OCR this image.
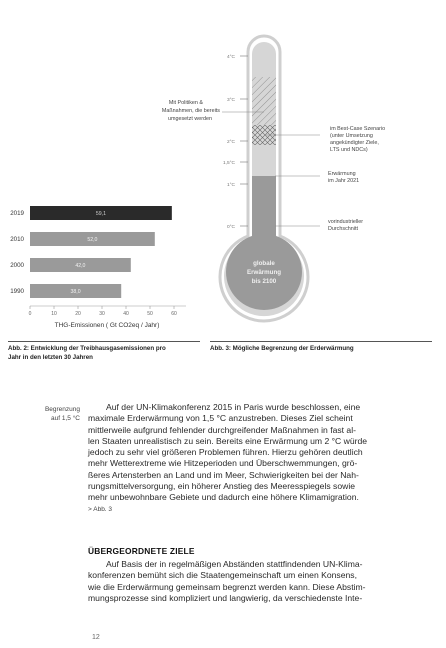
2019	59,1
2010	52,0
2000	42,0
1990	38,0
0	10	20	30	40	50	60
THG-Emissionen ( Gt CO2eq / Jahr)
Abb. 2: Entwicklung der Treibhausgasemissionen pro
Jahr in den letzten 30 Jahren
4°C
3°C
2°C
1,5°C
1°C
0°C
Mit Politiken &
Maßnahmen, die bereits
umgesetzt werden
im Best-Case Szenario
(unter Umsetzung
angekündigter Ziele,
LTS und NDCs)
Erwärmung
im Jahr 2021
vorindustrieller
Durchschnitt
globale
Erwärmung
bis 2100
Abb. 3: Mögliche Begrenzung der Erderwärmung
Begrenzung
auf 1,5 °C
Auf der UN-Klimakonferenz 2015 in Paris wurde beschlossen, eine
maximale Erderwärmung von 1,5 °C anzustreben. Dieses Ziel scheint
mittlerweile aufgrund fehlender durchgreifender Maßnahmen in fast al-
len Staaten unrealistisch zu sein. Bereits eine Erwärmung um 2 °C würde
jedoch zu sehr viel größeren Problemen führen. Hierzu gehören deutlich
mehr Wetterextreme wie Hitzeperioden und Überschwemmungen, grö-
ßeres Artensterben an Land und im Meer, Schwierigkeiten bei der Nah-
rungsmittelversorgung, ein höherer Anstieg des Meeresspiegels sowie
mehr unbewohnbare Gebiete und dadurch eine höhere Klimamigration.
> Abb. 3
ÜBERGEORDNETE ZIELE
Auf Basis der in regelmäßigen Abständen stattfindenden UN-Klima-
konferenzen bemüht sich die Staatengemeinschaft um einen Konsens,
wie die Erderwärmung gemeinsam begrenzt werden kann. Diese Abstim-
mungsprozesse sind kompliziert und langwierig, da verschiedenste Inte-
12
